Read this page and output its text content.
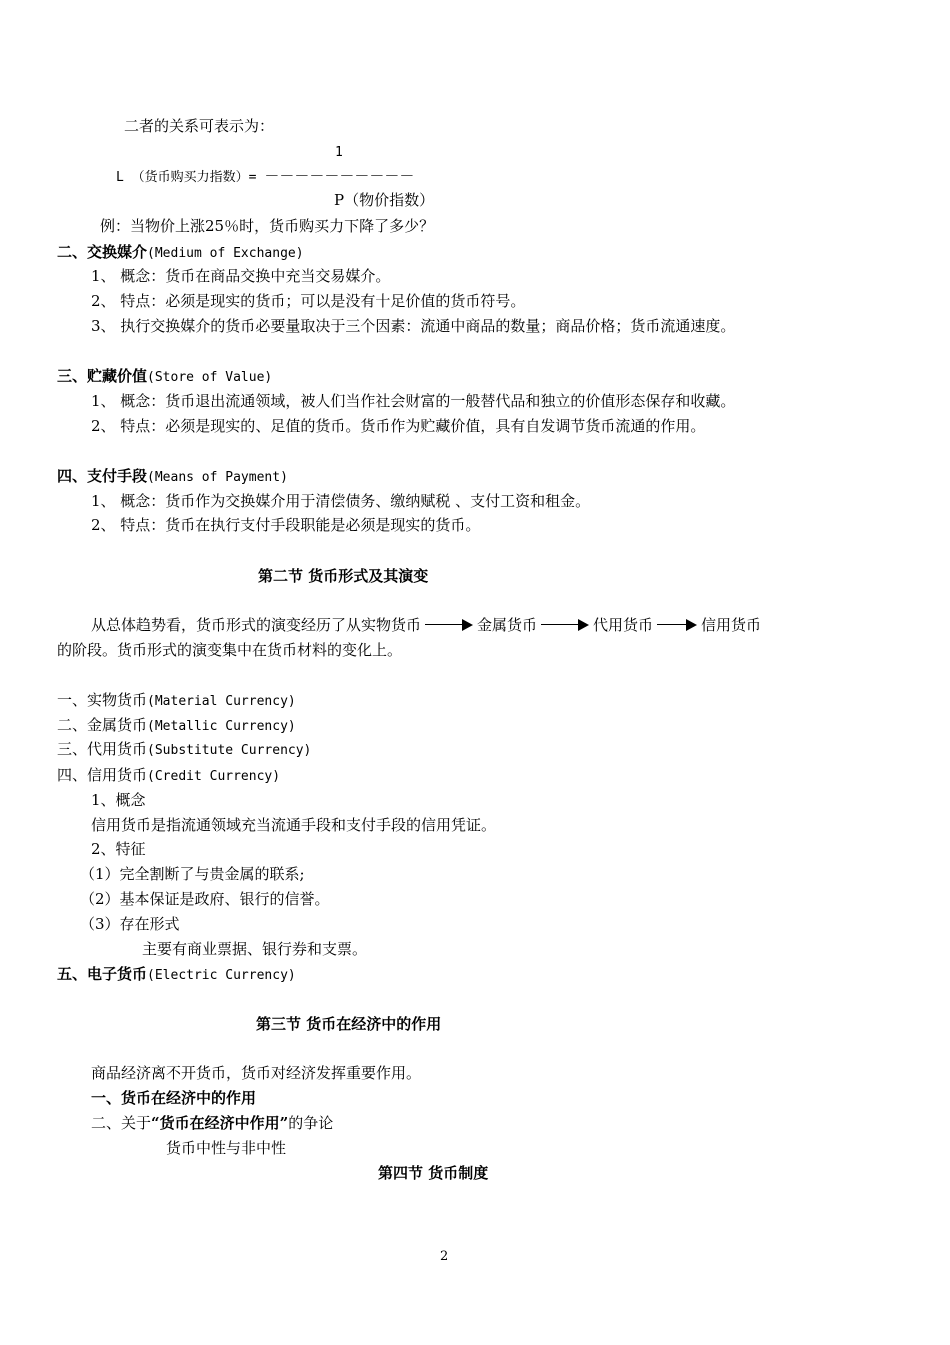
二者的关系可表示为：
1
L （货币购买力指数）= －－－－－－－－－－
P（物价指数）
例：当物价上涨25％时，货币购买力下降了多少？
二、交换媒介(Medium of Exchange)
1、 概念：货币在商品交换中充当交易媒介。
2、 特点：必须是现实的货币；可以是没有十足价值的货币符号。
3、 执行交换媒介的货币必要量取决于三个因素：流通中商品的数量；商品价格；货币流通速度。
三、贮藏价值(Store of Value)
1、 概念：货币退出流通领域，被人们当作社会财富的一般替代品和独立的价值形态保存和收藏。
2、 特点：必须是现实的、足值的货币。货币作为贮藏价值，具有自发调节货币流通的作用。
四、支付手段(Means of Payment)
1、 概念：货币作为交换媒介用于清偿债务、缴纳赋税 、支付工资和租金。
2、 特点：货币在执行支付手段职能是必须是现实的货币。
第二节 货币形式及其演变
从总体趋势看，货币形式的演变经历了从实物货币	金属货币	代用货币	信用货币
的阶段。货币形式的演变集中在货币材料的变化上。
一、实物货币(Material Currency)
二、金属货币(Metallic Currency)
三、代用货币(Substitute Currency)
四、信用货币(Credit Currency)
1、概念
信用货币是指流通领域充当流通手段和支付手段的信用凭证。
2、特征
（1）完全割断了与贵金属的联系;
（2）基本保证是政府、银行的信誉。
（3）存在形式
主要有商业票据、银行券和支票。
五、电子货币(Electric Currency)
第三节 货币在经济中的作用
商品经济离不开货币，货币对经济发挥重要作用。
一、货币在经济中的作用
二、关于“货币在经济中作用”的争论
货币中性与非中性
第四节 货币制度
2
